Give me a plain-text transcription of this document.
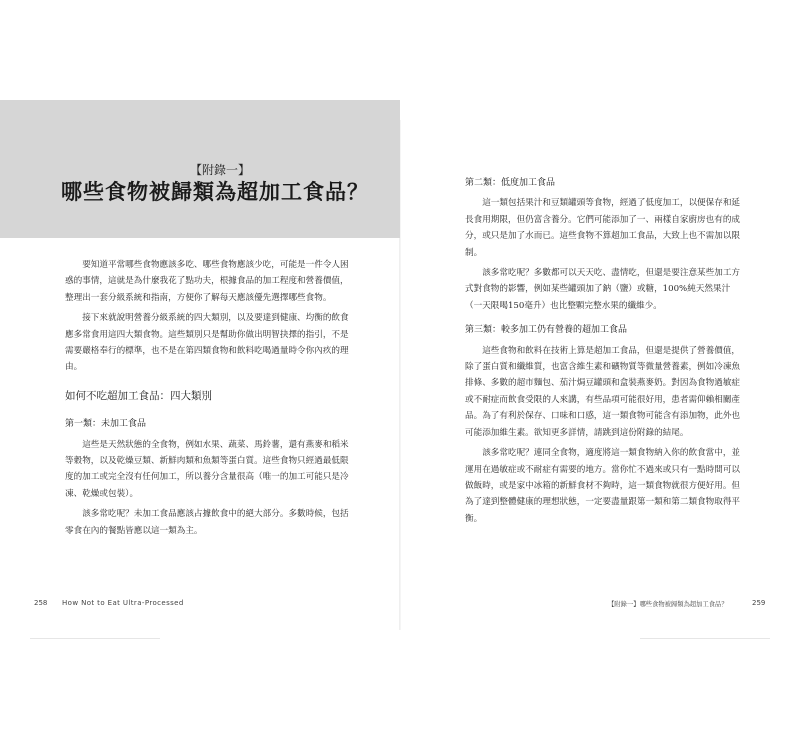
【附錄一】
哪些食物被歸類為超加工食品？

要知道平常哪些食物應該多吃、哪些食物應該少吃，可能是一件令人困惑的事情，這就是為什麼我花了點功夫，根據食品的加工程度和營養價值，整理出一套分級系統和指南，方便你了解每天應該優先選擇哪些食物。

接下來就說明營養分級系統的四大類別，以及要達到健康、均衡的飲食應多常食用這四大類食物。這些類別只是幫助你做出明智抉擇的指引，不是需要嚴格奉行的標準，也不是在第四類食物和飲料吃喝過量時令你內疚的理由。

如何不吃超加工食品：四大類別
第一類：未加工食品

這些是天然狀態的全食物，例如水果、蔬菜、馬鈴薯，還有燕麥和稻米等穀物，以及乾燥豆類、新鮮肉類和魚類等蛋白質。這些食物只經過最低限度的加工或完全沒有任何加工，所以養分含量很高（唯一的加工可能只是冷凍、乾燥或包裝）。

該多常吃呢？未加工食品應該占據飲食中的絕大部分。多數時候，包括零食在內的餐點皆應以這一類為主。

第二類：低度加工食品

這一類包括果汁和豆類罐頭等食物，經過了低度加工，以便保存和延長食用期限，但仍富含養分。它們可能添加了一、兩樣自家廚房也有的成分，或只是加了水而已。這些食物不算超加工食品，大致上也不需加以限制。

該多常吃呢？多數都可以天天吃、盡情吃，但還是要注意某些加工方式對食物的影響，例如某些罐頭加了鈉（鹽）或糖，100%純天然果汁（一天限喝150毫升）也比整顆完整水果的纖維少。

第三類：較多加工仍有營養的超加工食品

這些食物和飲料在技術上算是超加工食品，但還是提供了營養價值，除了蛋白質和纖維質，也富含維生素和礦物質等微量營養素，例如冷凍魚排條、多數的超市麵包、茄汁焗豆罐頭和盒裝燕麥奶。對因為食物過敏症或不耐症而飲食受限的人來講，有些品項可能很好用，患者需仰賴相關產品。為了有利於保存、口味和口感，這一類食物可能含有添加物，此外也可能添加維生素。欲知更多詳情，請跳到這份附錄的結尾。

該多常吃呢？連同全食物，適度將這一類食物納入你的飲食當中，並運用在過敏症或不耐症有需要的地方。當你忙不過來或只有一點時間可以做飯時，或是家中冰箱的新鮮食材不夠時，這一類食物就很方便好用。但為了達到整體健康的理想狀態，一定要盡量跟第一類和第二類食物取得平衡。

258 How Not to Eat Ultra-Processed	【附錄一】哪些食物被歸類為超加工食品？	259
